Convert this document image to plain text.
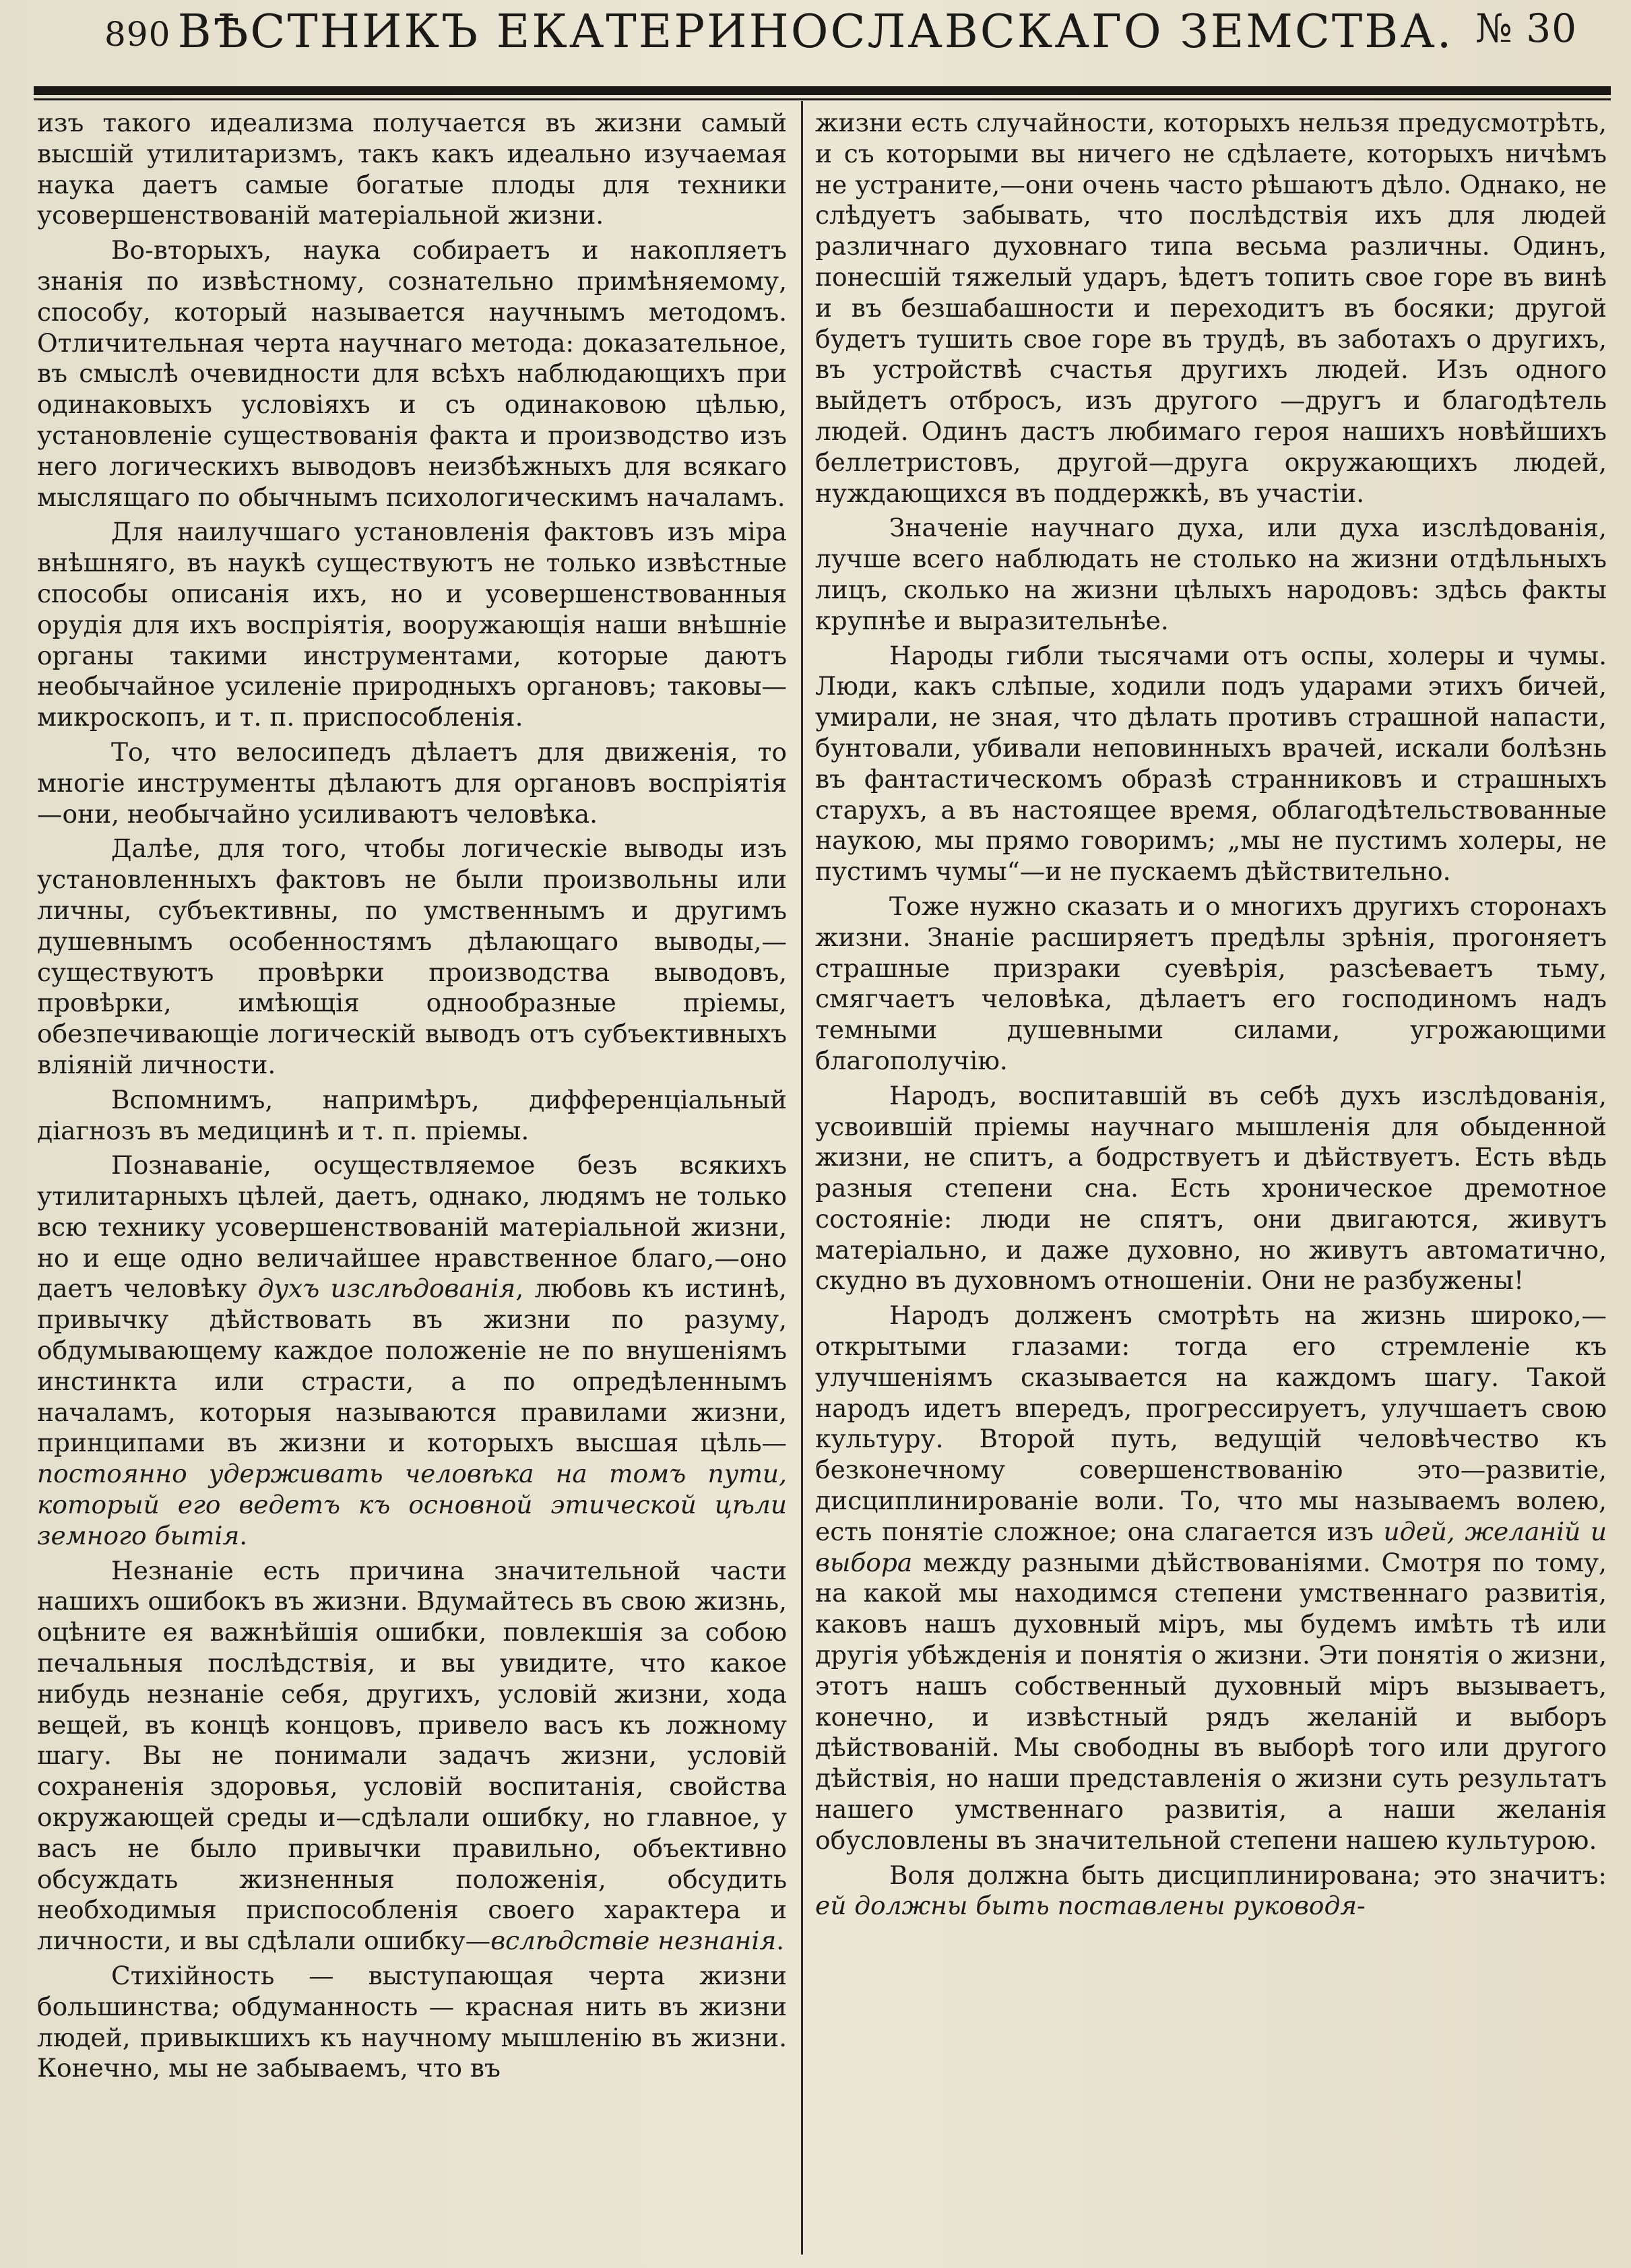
890 ВѢСТНИКЪ ЕКАТЕРИНОСЛАВСКАГО ЗЕМСТВА. № 30

изъ такого идеализма получается въ жизни самый высшій утилитаризмъ, такъ какъ идеально изучаемая наука даетъ самые богатые плоды для техники усовершенствованій матеріальной жизни.

Во-вторыхъ, наука собираетъ и накопляетъ знанія по извѣстному, сознательно примѣняемому, способу, который называется научнымъ методомъ. Отличительная черта научнаго метода: доказательное, въ смыслѣ очевидности для всѣхъ наблюдающихъ при одинаковыхъ условіяхъ и съ одинаковою цѣлью, установленіе существованія факта и производство изъ него логическихъ выводовъ неизбѣжныхъ для всякаго мыслящаго по обычнымъ психологическимъ началамъ.

Для наилучшаго установленія фактовъ изъ міра внѣшняго, въ наукѣ существуютъ не только извѣстные способы описанія ихъ, но и усовершенствованныя орудія для ихъ воспріятія, вооружающія наши внѣшніе органы такими инструментами, которые даютъ необычайное усиленіе природныхъ органовъ; таковы—микроскопъ, и т. п. приспособленія.

То, что велосипедъ дѣлаетъ для движенія, то многіе инструменты дѣлаютъ для органовъ воспріятія—они, необычайно усиливаютъ человѣка.

Далѣе, для того, чтобы логическіе выводы изъ установленныхъ фактовъ не были произвольны или личны, субъективны, по умственнымъ и другимъ душевнымъ особенностямъ дѣлающаго выводы,—существуютъ провѣрки производства выводовъ, провѣрки, имѣющія однообразные пріемы, обезпечивающіе логическій выводъ отъ субъективныхъ вліяній личности.

Вспомнимъ, напримѣръ, дифференціальный діагнозъ въ медицинѣ и т. п. пріемы.

Познаваніе, осуществляемое безъ всякихъ утилитарныхъ цѣлей, даетъ, однако, людямъ не только всю технику усовершенствованій матеріальной жизни, но и еще одно величайшее нравственное благо,—оно даетъ человѣку духъ изслѣдованія, любовь къ истинѣ, привычку дѣйствовать въ жизни по разуму, обдумывающему каждое положеніе не по внушеніямъ инстинкта или страсти, а по опредѣленнымъ началамъ, которыя называются правилами жизни, принципами въ жизни и которыхъ высшая цѣль—постоянно удерживать человѣка на томъ пути, который его ведетъ къ основной этической цѣли земного бытія.

Незнаніе есть причина значительной части нашихъ ошибокъ въ жизни. Вдумайтесь въ свою жизнь, оцѣните ея важнѣйшія ошибки, повлекшія за собою печальныя послѣдствія, и вы увидите, что какое нибудь незнаніе себя, другихъ, условій жизни, хода вещей, въ концѣ концовъ, привело васъ къ ложному шагу. Вы не понимали задачъ жизни, условій сохраненія здоровья, условій воспитанія, свойства окружающей среды и—сдѣлали ошибку, но главное, у васъ не было привычки правильно, объективно обсуждать жизненныя положенія, обсудить необходимыя приспособленія своего характера и личности, и вы сдѣлали ошибку—вслѣдствіе незнанія.

Стихійность — выступающая черта жизни большинства; обдуманность — красная нить въ жизни людей, привыкшихъ къ научному мышленію въ жизни. Конечно, мы не забываемъ, что въ

жизни есть случайности, которыхъ нельзя предусмотрѣть, и съ которыми вы ничего не сдѣлаете, которыхъ ничѣмъ не устраните,—они очень часто рѣшаютъ дѣло. Однако, не слѣдуетъ забывать, что послѣдствія ихъ для людей различнаго духовнаго типа весьма различны. Одинъ, понесшій тяжелый ударъ, ѣдетъ топить свое горе въ винѣ и въ безшабашности и переходитъ въ босяки; другой будетъ тушить свое горе въ трудѣ, въ заботахъ о другихъ, въ устройствѣ счастья другихъ людей. Изъ одного выйдетъ отбросъ, изъ другого —другъ и благодѣтель людей. Одинъ дастъ любимаго героя нашихъ новѣйшихъ беллетристовъ, другой—друга окружающихъ людей, нуждающихся въ поддержкѣ, въ участіи.

Значеніе научнаго духа, или духа изслѣдованія, лучше всего наблюдать не столько на жизни отдѣльныхъ лицъ, сколько на жизни цѣлыхъ народовъ: здѣсь факты крупнѣе и выразительнѣе.

Народы гибли тысячами отъ оспы, холеры и чумы. Люди, какъ слѣпые, ходили подъ ударами этихъ бичей, умирали, не зная, что дѣлать противъ страшной напасти, бунтовали, убивали неповинныхъ врачей, искали болѣзнь въ фантастическомъ образѣ странниковъ и страшныхъ старухъ, а въ настоящее время, облагодѣтельствованные наукою, мы прямо говоримъ; „мы не пустимъ холеры, не пустимъ чумы“—и не пускаемъ дѣйствительно.

Тоже нужно сказать и о многихъ другихъ сторонахъ жизни. Знаніе расширяетъ предѣлы зрѣнія, прогоняетъ страшные призраки суевѣрія, разсѣеваетъ тьму, смягчаетъ человѣка, дѣлаетъ его господиномъ надъ темными душевными силами, угрожающими благополучію.

Народъ, воспитавшій въ себѣ духъ изслѣдованія, усвоившій пріемы научнаго мышленія для обыденной жизни, не спитъ, а бодрствуетъ и дѣйствуетъ. Есть вѣдь разныя степени сна. Есть хроническое дремотное состояніе: люди не спятъ, они двигаются, живутъ матеріально, и даже духовно, но живутъ автоматично, скудно въ духовномъ отношеніи. Они не разбужены!

Народъ долженъ смотрѣть на жизнь широко,—открытыми глазами: тогда его стремленіе къ улучшеніямъ сказывается на каждомъ шагу. Такой народъ идетъ впередъ, прогрессируетъ, улучшаетъ свою культуру. Второй путь, ведущій человѣчество къ безконечному совершенствованію это—развитіе, дисциплинированіе воли. То, что мы называемъ волею, есть понятіе сложное; она слагается изъ идей, желаній и выбора между разными дѣйствованіями. Смотря по тому, на какой мы находимся степени умственнаго развитія, каковъ нашъ духовный міръ, мы будемъ имѣть тѣ или другія убѣжденія и понятія о жизни. Эти понятія о жизни, этотъ нашъ собственный духовный міръ вызываетъ, конечно, и извѣстный рядъ желаній и выборъ дѣйствованій. Мы свободны въ выборѣ того или другого дѣйствія, но наши представленія о жизни суть результатъ нашего умственнаго развитія, а наши желанія обусловлены въ значительной степени нашею культурою.

Воля должна быть дисциплинирована; это значитъ: ей должны быть поставлены руководя-
